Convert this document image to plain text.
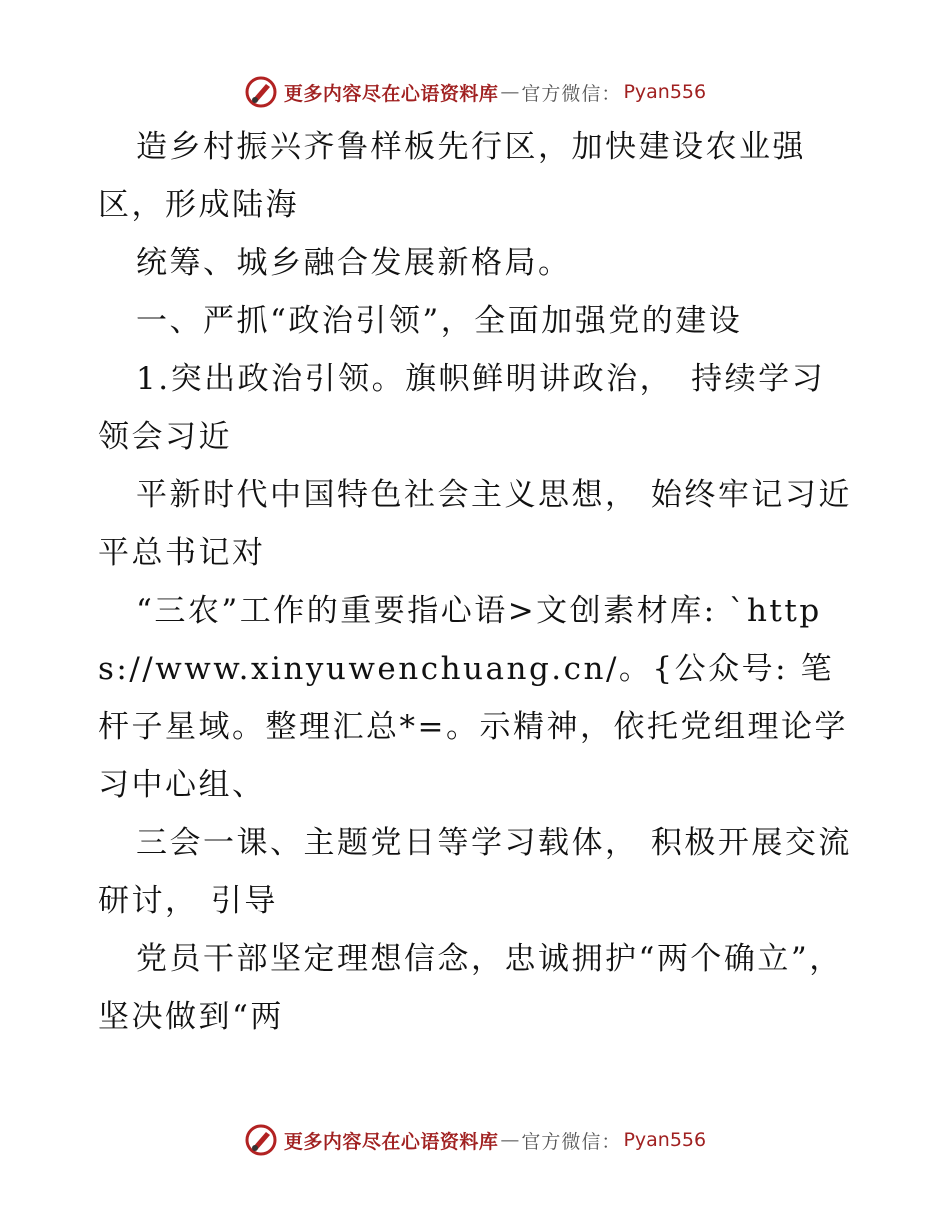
更多内容尽在心语资料库 — 官方微信： Pyan556

造乡村振兴齐鲁样板先行区，加快建设农业强区，形成陆海

统筹、城乡融合发展新格局。

一、严抓“政治引领”，全面加强党的建设

1.突出政治引领。旗帜鲜明讲政治，　持续学习领会习近

平新时代中国特色社会主义思想， 始终牢记习近平总书记对

“三农”工作的重要指心语>文创素材库: `https://www.xinyuwenchuang.cn/。{公众号: 笔杆子星域。整理汇总*=。示精神，依托党组理论学习中心组、

三会一课、主题党日等学习载体， 积极开展交流研讨， 引导

党员干部坚定理想信念，忠诚拥护“两个确立”，坚决做到“两

更多内容尽在心语资料库 — 官方微信： Pyan556
